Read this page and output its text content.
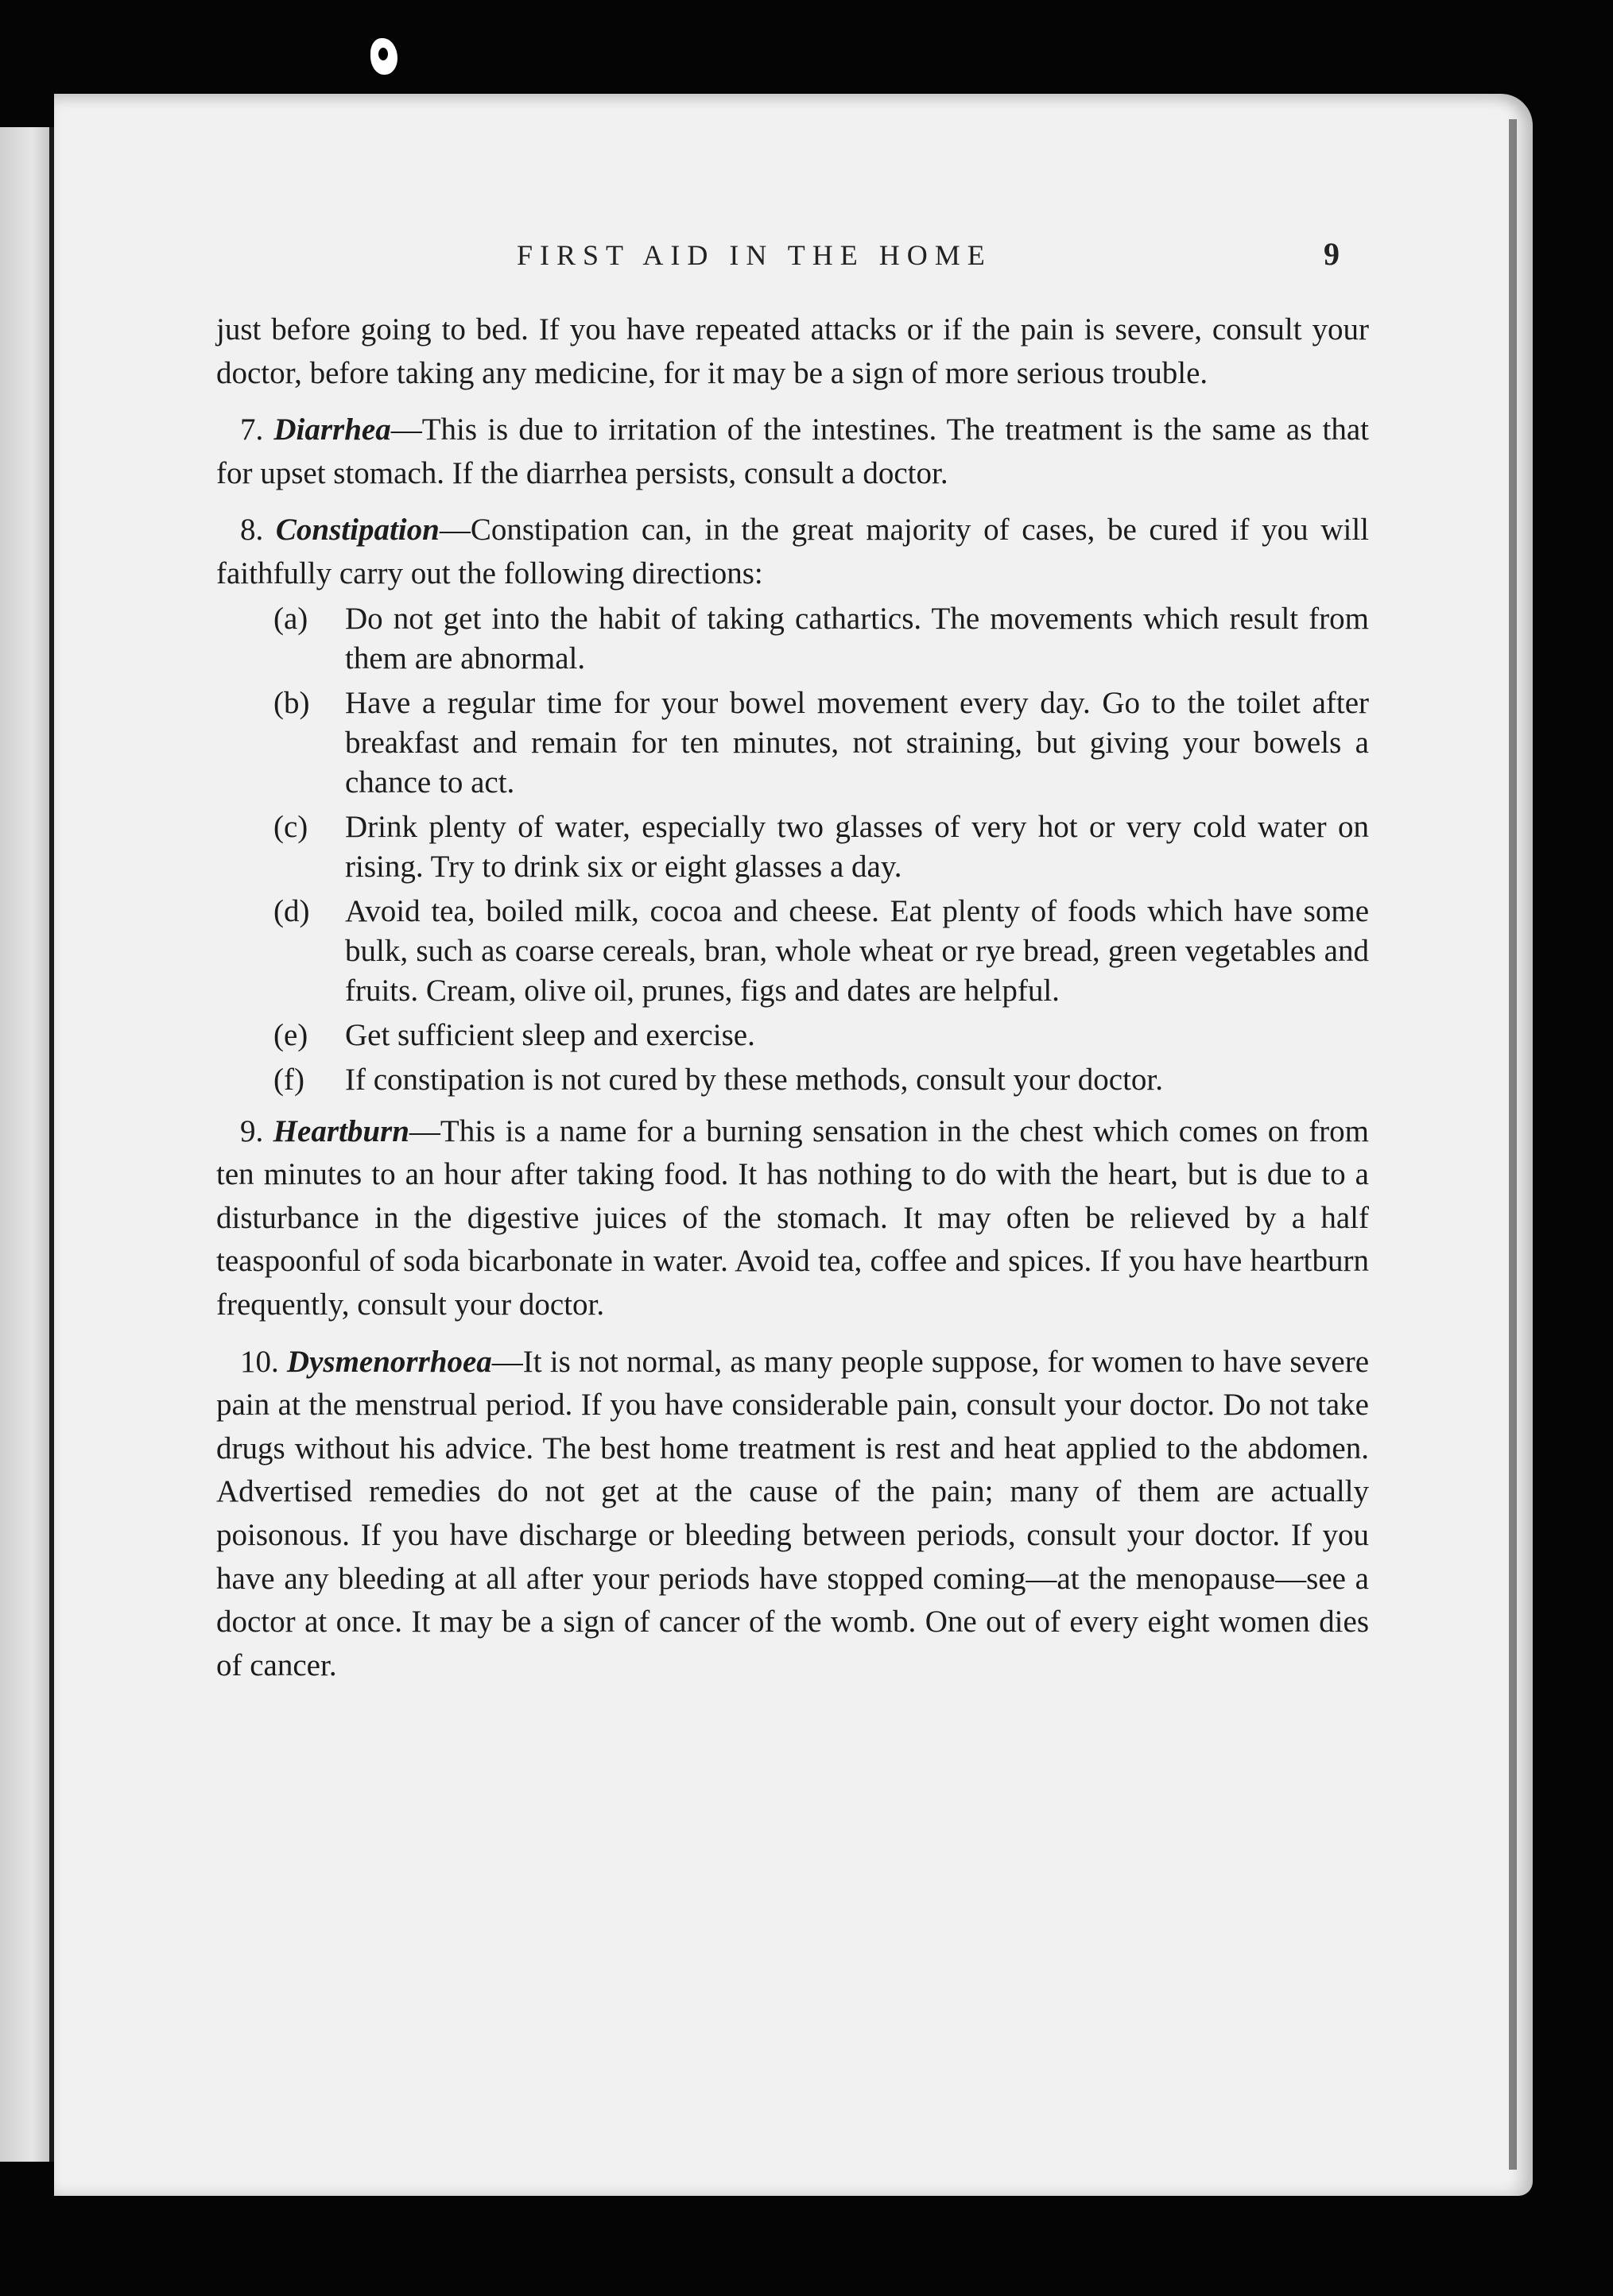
FIRST AID IN THE HOME	9

just before going to bed. If you have repeated attacks or if the pain is severe, consult your doctor, before taking any medicine, for it may be a sign of more serious trouble.

7. Diarrhea—This is due to irritation of the intestines. The treatment is the same as that for upset stomach. If the diarrhea persists, consult a doctor.

8. Constipation—Constipation can, in the great majority of cases, be cured if you will faithfully carry out the following directions:

(a)	Do not get into the habit of taking cathartics. The movements which result from them are abnormal.
(b)	Have a regular time for your bowel movement every day. Go to the toilet after breakfast and remain for ten minutes, not straining, but giving your bowels a chance to act.
(c)	Drink plenty of water, especially two glasses of very hot or very cold water on rising. Try to drink six or eight glasses a day.
(d)	Avoid tea, boiled milk, cocoa and cheese. Eat plenty of foods which have some bulk, such as coarse cereals, bran, whole wheat or rye bread, green vegetables and fruits. Cream, olive oil, prunes, figs and dates are helpful.
(e)	Get sufficient sleep and exercise.
(f)	If constipation is not cured by these methods, consult your doctor.

9. Heartburn—This is a name for a burning sensation in the chest which comes on from ten minutes to an hour after taking food. It has nothing to do with the heart, but is due to a disturbance in the digestive juices of the stomach. It may often be relieved by a half teaspoonful of soda bicarbonate in water. Avoid tea, coffee and spices. If you have heartburn frequently, consult your doctor.

10. Dysmenorrhoea—It is not normal, as many people suppose, for women to have severe pain at the menstrual period. If you have considerable pain, consult your doctor. Do not take drugs without his advice. The best home treatment is rest and heat applied to the abdomen. Advertised remedies do not get at the cause of the pain; many of them are actually poisonous. If you have discharge or bleeding between periods, consult your doctor. If you have any bleeding at all after your periods have stopped coming—at the menopause—see a doctor at once. It may be a sign of cancer of the womb. One out of every eight women dies of cancer.
